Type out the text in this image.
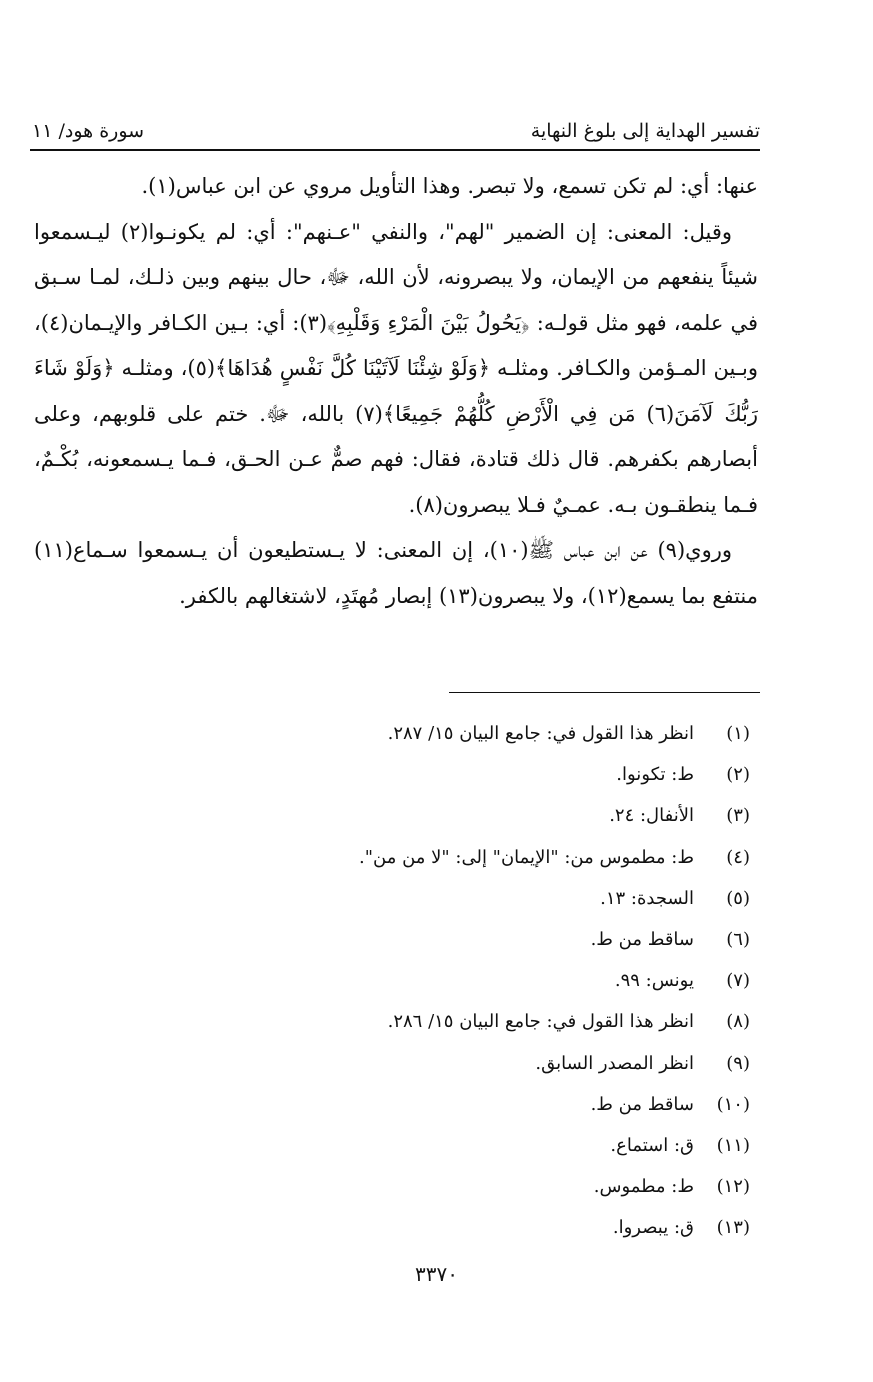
تفسير الهداية إلى بلوغ النهاية
سورة هود/ ١١

عنها: أي: لم تكن تسمع، ولا تبصر. وهذا التأويل مروي عن ابن عباس(١).

وقيل: المعنى: إن الضمير "لهم"، والنفي "عـنهم": أي: لم يكونـوا(٢) ليـسمعوا شيئاً ينفعهم من الإيمان، ولا يبصرونه، لأن الله، ﷻ، حال بينهم وبين ذلـك، لمـا سـبق في علمه، فهو مثل قولـه: ﴿يَحُولُ بَيْنَ الْمَرْءِ وَقَلْبِهِ﴾(٣): أي: بـين الكـافر والإيـمان(٤)، وبـين المـؤمن والكـافر. ومثلـه ﴿وَلَوْ شِئْنَا لَآتَيْنَا كُلَّ نَفْسٍ هُدَاهَا﴾(٥)، ومثلـه ﴿وَلَوْ شَاءَ رَبُّكَ لَآمَنَ(٦) مَن فِي الْأَرْضِ كُلُّهُمْ جَمِيعًا﴾(٧) بالله، ﷻ. ختم على قلوبهم، وعلى أبصارهم بكفرهم. قال ذلك قتادة، فقال: فهم صمٌّ عـن الحـق، فـما يـسمعونه، بُكْـمٌ، فـما ينطقـون بـه. عمـيٌ فـلا يبصرون(٨).

وروي(٩) عن ابن عباس ﷺ(١٠)، إن المعنى: لا يـستطيعون أن يـسمعوا سـماع(١١) منتفع بما يسمع(١٢)، ولا يبصرون(١٣) إبصار مُهتَدٍ، لاشتغالهم بالكفر.

(١)انظر هذا القول في: جامع البيان ١٥/ ٢٨٧.
(٢)ط: تكونوا.
(٣)الأنفال: ٢٤.
(٤)ط: مطموس من: "الإيمان" إلى: "لا من من".
(٥)السجدة: ١٣.
(٦)ساقط من ط.
(٧)يونس: ٩٩.
(٨)انظر هذا القول في: جامع البيان ١٥/ ٢٨٦.
(٩)انظر المصدر السابق.
(١٠)ساقط من ط.
(١١)ق: استماع.
(١٢)ط: مطموس.
(١٣)ق: يبصروا.
٣٣٧٠
